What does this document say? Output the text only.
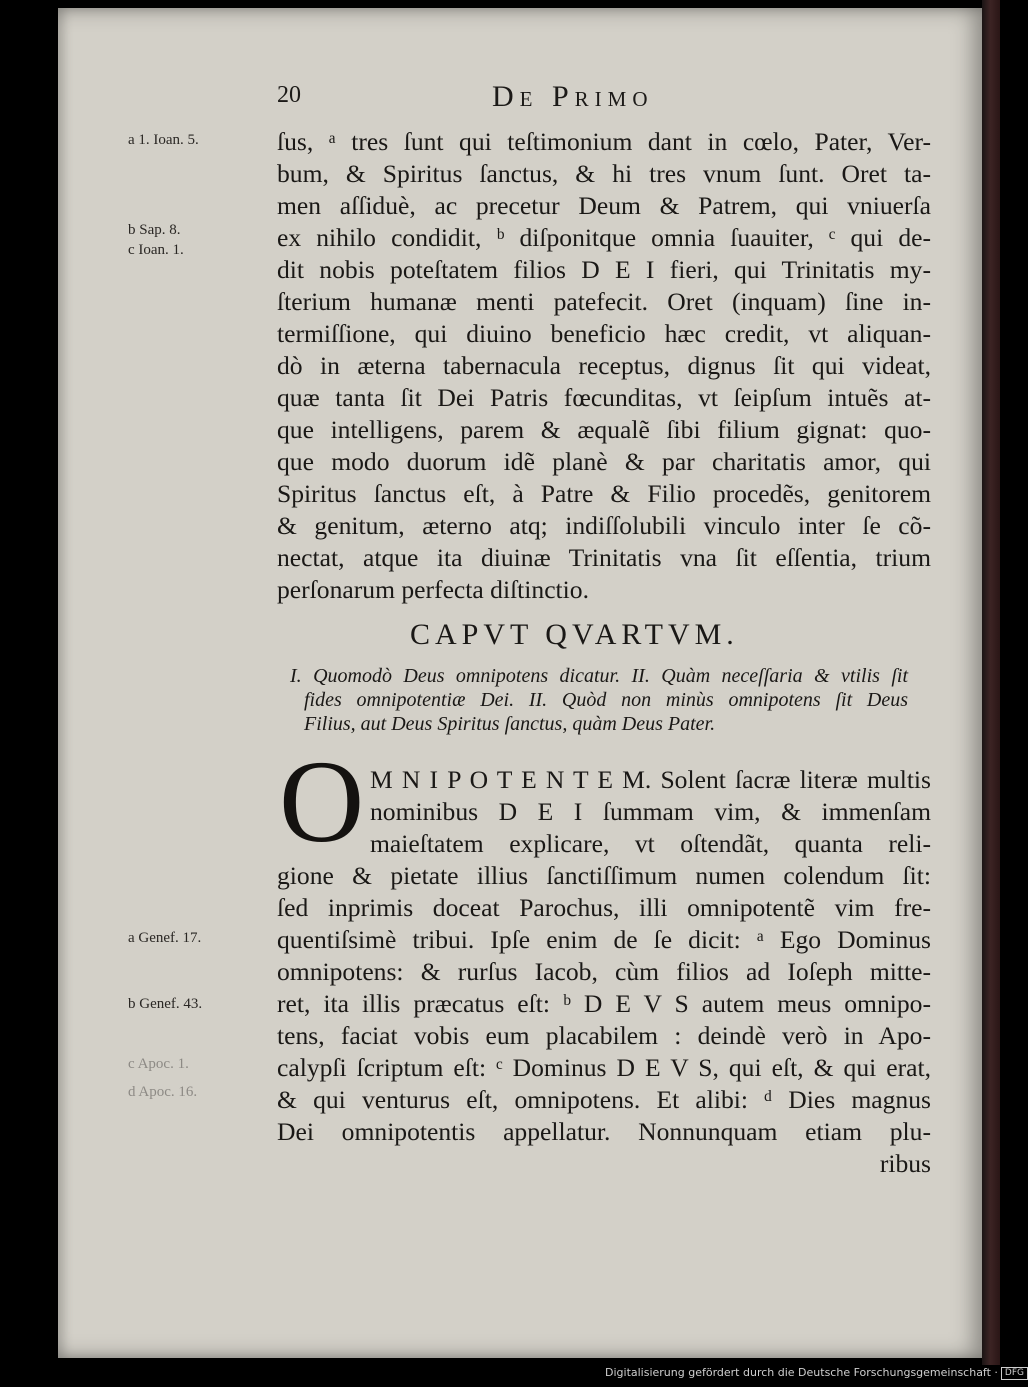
20	De Primo
a 1. Ioan. 5.
b Sap. 8.
c Ioan. 1.
a Genef. 17.
b Genef. 43.
c Apoc. 1.
d Apoc. 16.
ſus, ᵃ tres ſunt qui teſtimonium dant in cœlo, Pater, Ver-
bum, & Spiritus ſanctus, & hi tres vnum ſunt. Oret ta-
men aſſiduè, ac precetur Deum & Patrem, qui vniuerſa
ex nihilo condidit, ᵇ diſponitque omnia ſuauiter, ᶜ qui de-
dit nobis poteſtatem filios D E I fieri, qui Trinitatis my-
ſterium humanæ menti patefecit. Oret (inquam) ſine in-
termiſſione, qui diuino beneficio hæc credit, vt aliquan-
dò in æterna tabernacula receptus, dignus ſit qui videat,
quæ tanta ſit Dei Patris fœcunditas, vt ſeipſum intuẽs at-
que intelligens, parem & æqualẽ ſibi filium gignat: quo-
que modo duorum idẽ planè & par charitatis amor, qui
Spiritus ſanctus eſt, à Patre & Filio procedẽs, genitorem
& genitum, æterno atq; indiſſolubili vinculo inter ſe cõ-
nectat, atque ita diuinæ Trinitatis vna ſit eſſentia, trium
perſonarum perfecta diſtinctio.
CAPVT QVARTVM.
I. Quomodò Deus omnipotens dicatur. II. Quàm neceſſaria & vtilis ſit
fides omnipotentiæ Dei. II. Quòd non minùs omnipotens ſit Deus
Filius, aut Deus Spiritus ſanctus, quàm Deus Pater.
O M N I P O T E N T E M. Solent ſacræ literæ multis
nominibus D E I ſummam vim, & immenſam
maieſtatem explicare, vt oſtendãt, quanta reli-
gione & pietate illius ſanctiſſimum numen colendum ſit:
ſed inprimis doceat Parochus, illi omnipotentẽ vim fre-
quentiſsimè tribui. Ipſe enim de ſe dicit: ᵃ Ego Dominus
omnipotens: & rurſus Iacob, cùm filios ad Ioſeph mitte-
ret, ita illis præcatus eſt: ᵇ D E V S autem meus omnipo-
tens, faciat vobis eum placabilem : deindè verò in Apo-
calypſi ſcriptum eſt: ᶜ Dominus D E V S, qui eſt, & qui erat,
& qui venturus eſt, omnipotens. Et alibi: ᵈ Dies magnus
Dei omnipotentis appellatur. Nonnunquam etiam plu-
ribus
Digitalisierung gefördert durch die Deutsche Forschungsgemeinschaft · DFG
